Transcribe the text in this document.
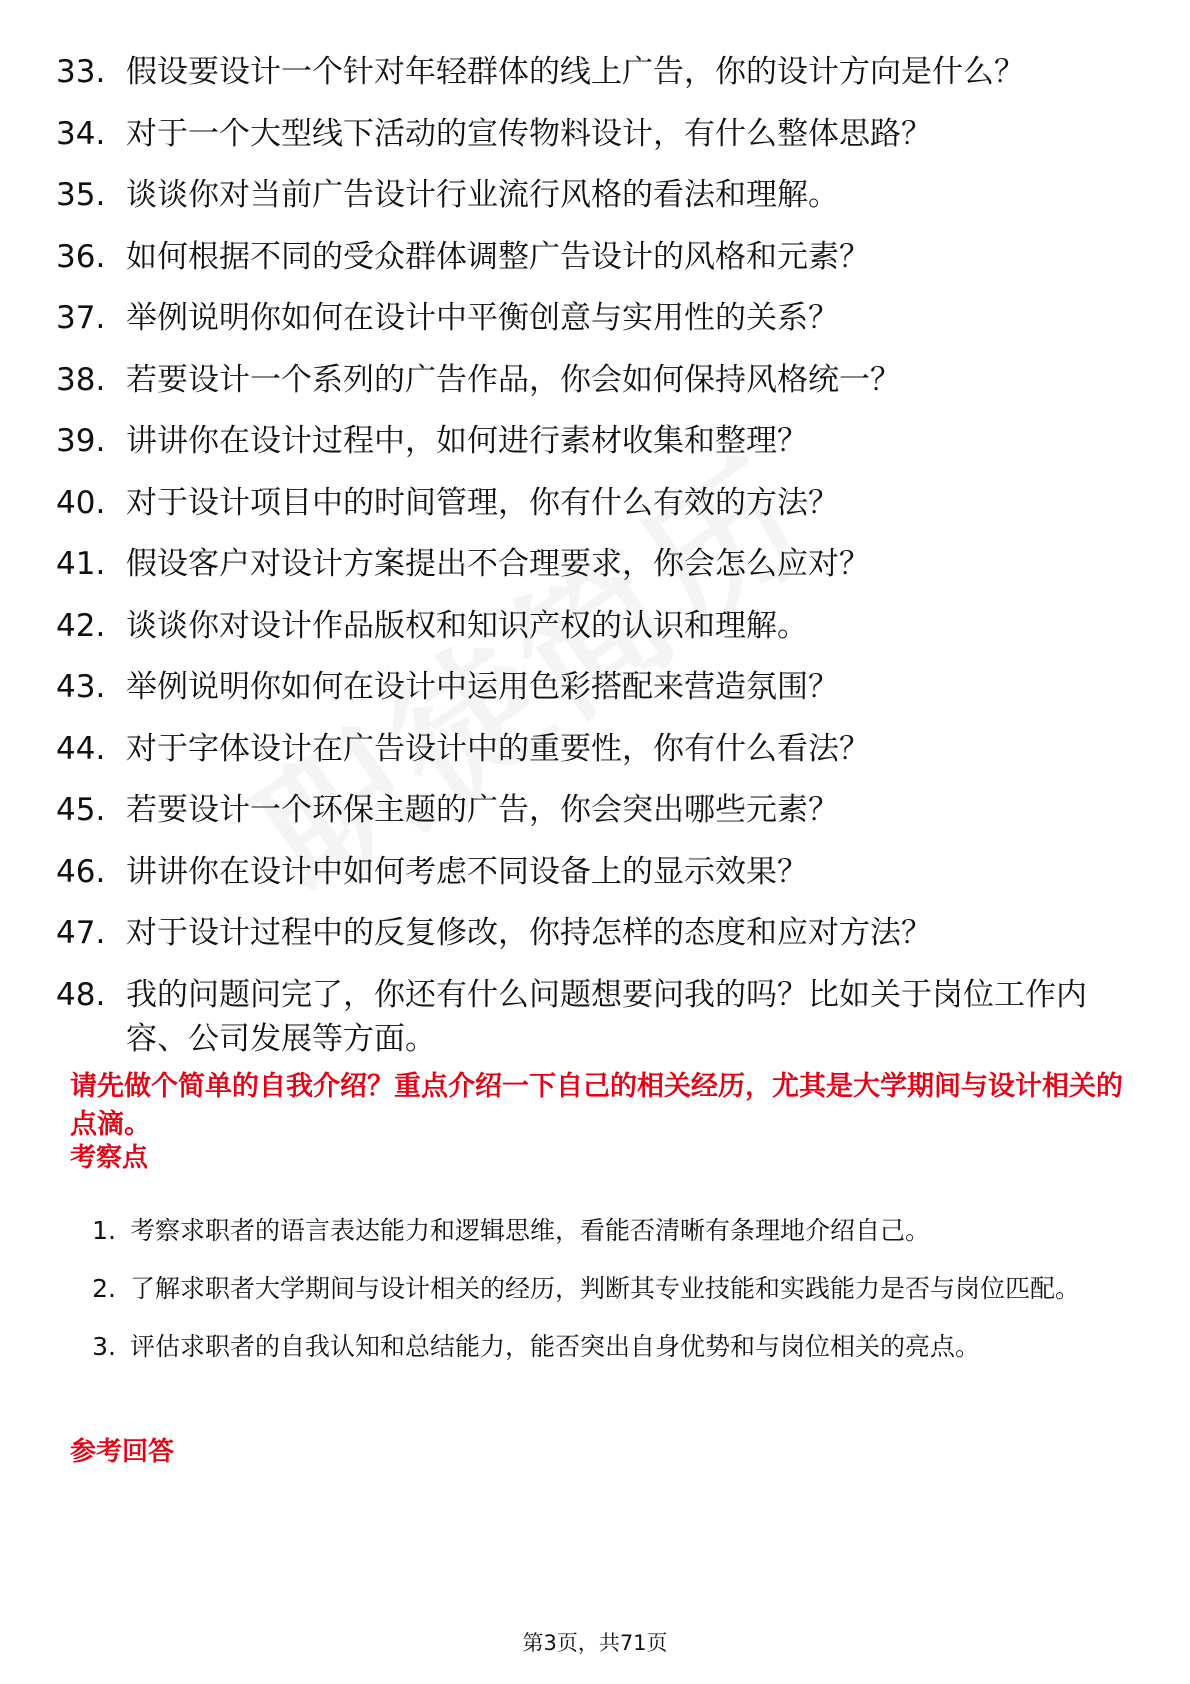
33. 假设要设计一个针对年轻群体的线上广告，你的设计方向是什么？
34. 对于一个大型线下活动的宣传物料设计，有什么整体思路？
35. 谈谈你对当前广告设计行业流行风格的看法和理解。
36. 如何根据不同的受众群体调整广告设计的风格和元素？
37. 举例说明你如何在设计中平衡创意与实用性的关系？
38. 若要设计一个系列的广告作品，你会如何保持风格统一？
39. 讲讲你在设计过程中，如何进行素材收集和整理？
40. 对于设计项目中的时间管理，你有什么有效的方法？
41. 假设客户对设计方案提出不合理要求，你会怎么应对？
42. 谈谈你对设计作品版权和知识产权的认识和理解。
43. 举例说明你如何在设计中运用色彩搭配来营造氛围？
44. 对于字体设计在广告设计中的重要性，你有什么看法？
45. 若要设计一个环保主题的广告，你会突出哪些元素？
46. 讲讲你在设计中如何考虑不同设备上的显示效果？
47. 对于设计过程中的反复修改，你持怎样的态度和应对方法？
48. 我的问题问完了，你还有什么问题想要问我的吗？比如关于岗位工作内容、公司发展等方面。
请先做个简单的自我介绍？重点介绍一下自己的相关经历，尤其是大学期间与设计相关的点滴。
考察点
1. 考察求职者的语言表达能力和逻辑思维，看能否清晰有条理地介绍自己。
2. 了解求职者大学期间与设计相关的经历，判断其专业技能和实践能力是否与岗位匹配。
3. 评估求职者的自我认知和总结能力，能否突出自身优势和与岗位相关的亮点。
参考回答
第3页，共71页
